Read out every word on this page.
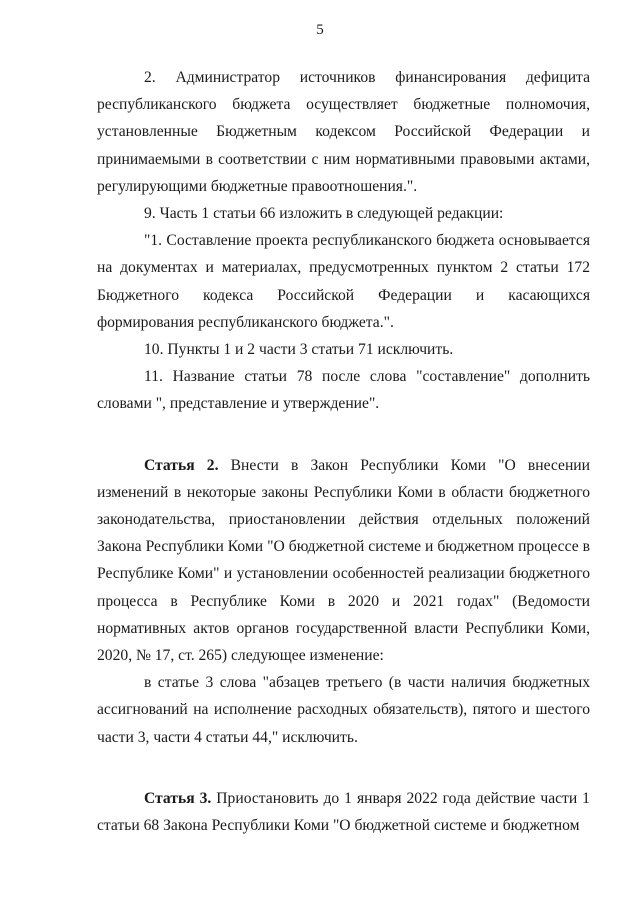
5

2. Администратор источников финансирования дефицита республиканского бюджета осуществляет бюджетные полномочия, установленные Бюджетным кодексом Российской Федерации и принимаемыми в соответствии с ним нормативными правовыми актами, регулирующими бюджетные правоотношения.".

9. Часть 1 статьи 66 изложить в следующей редакции:

"1. Составление проекта республиканского бюджета основывается на документах и материалах, предусмотренных пунктом 2 статьи 172 Бюджетного кодекса Российской Федерации и касающихся формирования республиканского бюджета.".

10. Пункты 1 и 2 части 3 статьи 71 исключить.

11. Название статьи 78 после слова "составление" дополнить словами ", представление и утверждение".

Статья 2. Внести в Закон Республики Коми "О внесении изменений в некоторые законы Республики Коми в области бюджетного законодательства, приостановлении действия отдельных положений Закона Республики Коми "О бюджетной системе и бюджетном процессе в Республике Коми" и установлении особенностей реализации бюджетного процесса в Республике Коми в 2020 и 2021 годах" (Ведомости нормативных актов органов государственной власти Республики Коми, 2020, № 17, ст. 265) следующее изменение:

в статье 3 слова "абзацев третьего (в части наличия бюджетных ассигнований на исполнение расходных обязательств), пятого и шестого части 3, части 4 статьи 44," исключить.

Статья 3. Приостановить до 1 января 2022 года действие части 1 статьи 68 Закона Республики Коми "О бюджетной системе и бюджетном
